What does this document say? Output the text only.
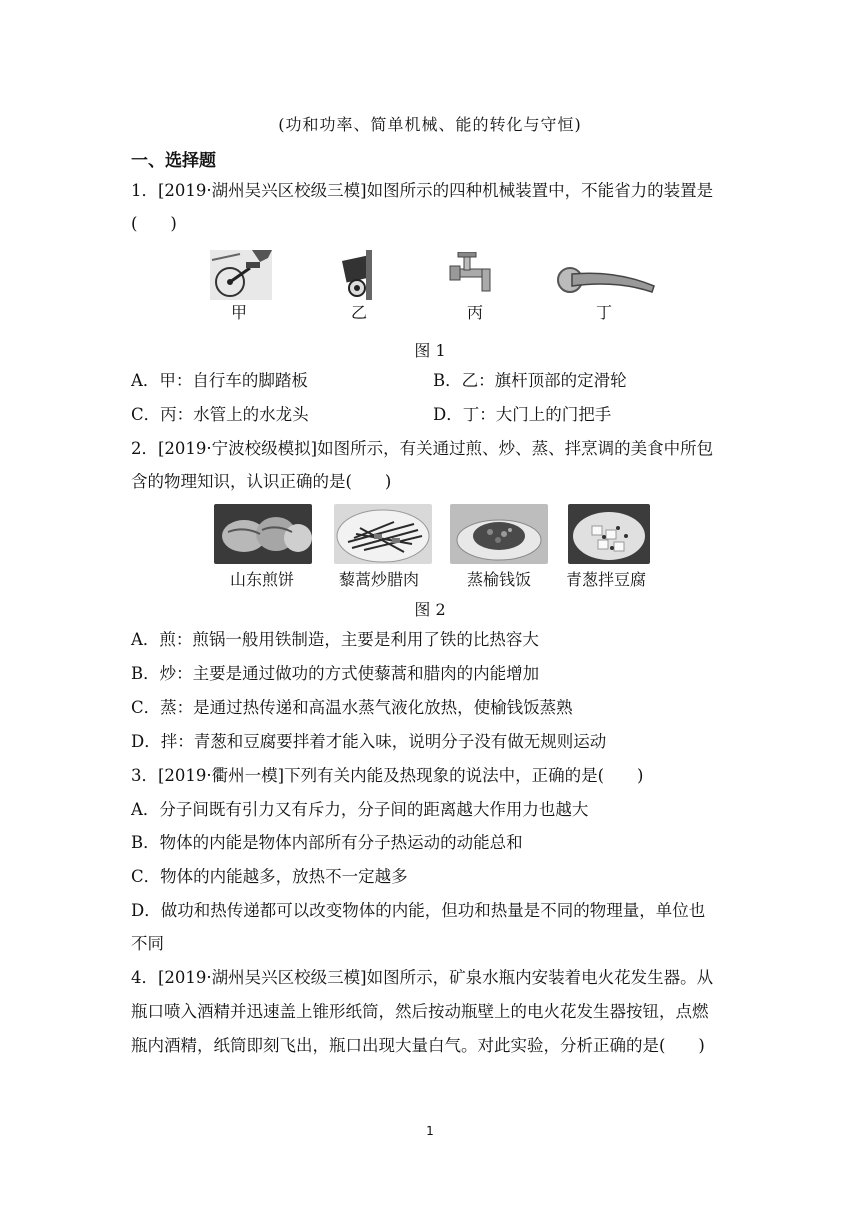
(功和功率、简单机械、能的转化与守恒)
一、选择题
1．[2019·湖州吴兴区校级三模]如图所示的四种机械装置中，不能省力的装置是
(　　)
甲	乙	丙	丁
图 1
A．甲：自行车的脚踏板	B．乙：旗杆顶部的定滑轮
C．丙：水管上的水龙头	D．丁：大门上的门把手
2．[2019·宁波校级模拟]如图所示，有关通过煎、炒、蒸、拌烹调的美食中所包
含的物理知识，认识正确的是(　　)
山东煎饼	藜蒿炒腊肉	蒸榆钱饭 青葱拌豆腐
图 2
A．煎：煎锅一般用铁制造，主要是利用了铁的比热容大
B．炒：主要是通过做功的方式使藜蒿和腊肉的内能增加
C．蒸：是通过热传递和高温水蒸气液化放热，使榆钱饭蒸熟
D．拌：青葱和豆腐要拌着才能入味，说明分子没有做无规则运动
3．[2019·衢州一模]下列有关内能及热现象的说法中，正确的是(　　)
A．分子间既有引力又有斥力，分子间的距离越大作用力也越大
B．物体的内能是物体内部所有分子热运动的动能总和
C．物体的内能越多，放热不一定越多
D．做功和热传递都可以改变物体的内能，但功和热量是不同的物理量，单位也
不同
4．[2019·湖州吴兴区校级三模]如图所示，矿泉水瓶内安装着电火花发生器。从
瓶口喷入酒精并迅速盖上锥形纸筒，然后按动瓶壁上的电火花发生器按钮，点燃
瓶内酒精，纸筒即刻飞出，瓶口出现大量白气。对此实验，分析正确的是(　　)
1
